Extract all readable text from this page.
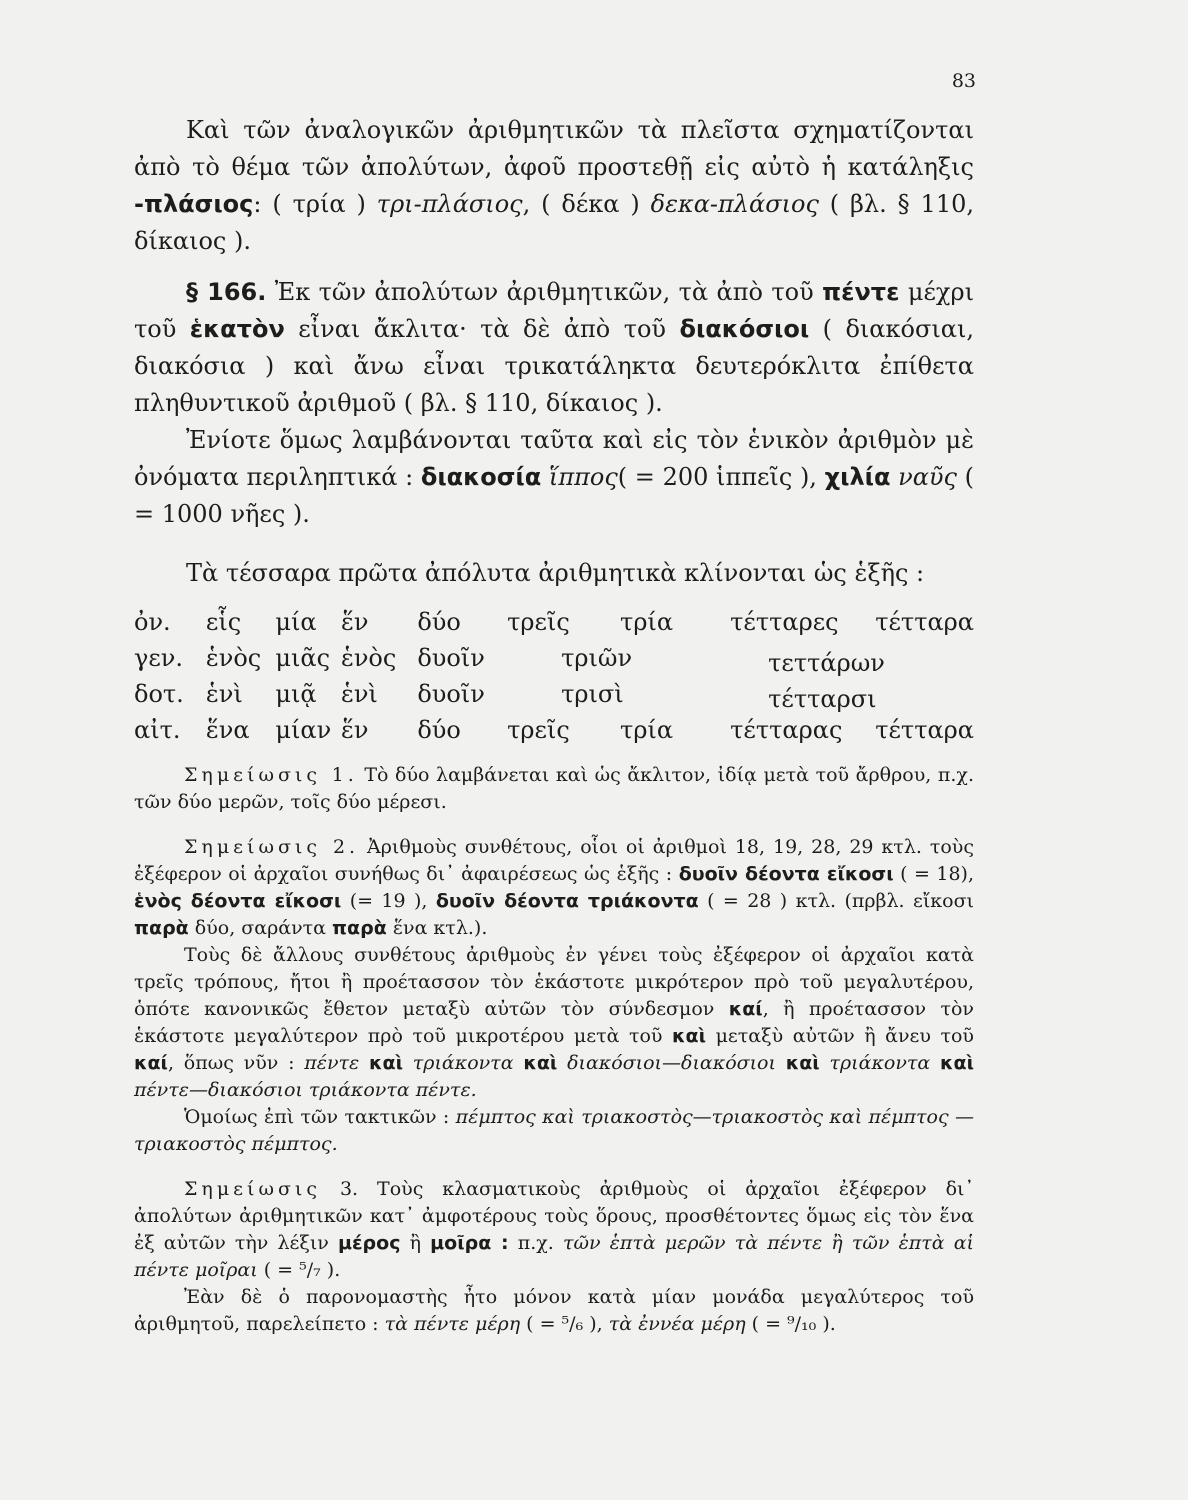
83

Καὶ τῶν ἀναλογικῶν ἀριθμητικῶν τὰ πλεῖστα σχηματίζονται ἀπὸ τὸ θέμα τῶν ἀπολύτων, ἀφοῦ προστεθῇ εἰς αὐτὸ ἡ κατάληξις -πλάσιος: ( τρία ) τρι-πλάσιος, ( δέκα ) δεκα-πλάσιος ( βλ. § 110, δίκαιος ).

§ 166. Ἐκ τῶν ἀπολύτων ἀριθμητικῶν, τὰ ἀπὸ τοῦ πέντε μέχρι τοῦ ἑκατὸν εἶναι ἄκλιτα· τὰ δὲ ἀπὸ τοῦ διακόσιοι ( διακόσιαι, διακόσια ) καὶ ἄνω εἶναι τρικατάληκτα δευτερόκλιτα ἐπίθετα πληθυντικοῦ ἀριθμοῦ ( βλ. § 110, δίκαιος ).

Ἐνίοτε ὅμως λαμβάνονται ταῦτα καὶ εἰς τὸν ἑνικὸν ἀριθμὸν μὲ ὀνόματα περιληπτικά : διακοσία ἵππος( = 200 ἱππεῖς ), χιλία ναῦς ( = 1000 νῆες ).

Τὰ τέσσαρα πρῶτα ἀπόλυτα ἀριθμητικὰ κλίνονται ὡς ἑξῆς :

ὀν.	εἷς	μία	ἕν	δύο	τρεῖς	τρία	τέτταρες	τέτταρα
γεν.	ἑνὸς	μιᾶς	ἑνὸς	δυοῖν	τριῶν		τεττάρων	
δοτ.	ἑνὶ	μιᾷ	ἑνὶ	δυοῖν	τρισὶ		τέτταρσι	
αἰτ.	ἕνα	μίαν	ἕν	δύο	τρεῖς	τρία	τέτταρας	τέτταρα

Σημείωσις 1. Τὸ δύο λαμβάνεται καὶ ὡς ἄκλιτον, ἰδίᾳ μετὰ τοῦ ἄρθρου, π.χ. τῶν δύο μερῶν, τοῖς δύο μέρεσι.

Σημείωσις 2. Ἀριθμοὺς συνθέτους, οἷοι οἱ ἀριθμοὶ 18, 19, 28, 29 κτλ. τοὺς ἐξέφερον οἱ ἀρχαῖοι συνήθως δι᾽ ἀφαιρέσεως ὡς ἑξῆς : δυοῖν δέοντα εἴκοσι ( = 18), ἑνὸς δέοντα εἴκοσι (= 19 ), δυοῖν δέοντα τριάκοντα ( = 28 ) κτλ. (πρβλ. εἴκοσι παρὰ δύο, σαράντα παρὰ ἕνα κτλ.).

Τοὺς δὲ ἄλλους συνθέτους ἀριθμοὺς ἐν γένει τοὺς ἐξέφερον οἱ ἀρχαῖοι κατὰ τρεῖς τρόπους, ἤτοι ἢ προέτασσον τὸν ἑκάστοτε μικρότερον πρὸ τοῦ μεγαλυτέρου, ὁπότε κανονικῶς ἔθετον μεταξὺ αὐτῶν τὸν σύνδεσμον καί, ἢ προέτασσον τὸν ἑκάστοτε μεγαλύτερον πρὸ τοῦ μικροτέρου μετὰ τοῦ καὶ μεταξὺ αὐτῶν ἢ ἄνευ τοῦ καί, ὅπως νῦν : πέντε καὶ τριάκοντα καὶ διακόσιοι—διακόσιοι καὶ τριάκοντα καὶ πέντε—διακόσιοι τριάκοντα πέντε.

Ὁμοίως ἐπὶ τῶν τακτικῶν : πέμπτος καὶ τριακοστὸς—τριακοστὸς καὶ πέμπτος —τριακοστὸς πέμπτος.

Σημείωσις 3. Τοὺς κλασματικοὺς ἀριθμοὺς οἱ ἀρχαῖοι ἐξέφερον δι᾽ ἀπολύτων ἀριθμητικῶν κατ᾽ ἀμφοτέρους τοὺς ὅρους, προσθέτοντες ὅμως εἰς τὸν ἕνα ἐξ αὐτῶν τὴν λέξιν μέρος ἢ μοῖρα : π.χ. τῶν ἑπτὰ μερῶν τὰ πέντε ἢ τῶν ἑπτὰ αἱ πέντε μοῖραι ( = ⁵/₇ ).

Ἐὰν δὲ ὁ παρονομαστὴς ἦτο μόνον κατὰ μίαν μονάδα μεγαλύτερος τοῦ ἀριθμητοῦ, παρελείπετο : τὰ πέντε μέρη ( = ⁵/₆ ), τὰ ἐννέα μέρη ( = ⁹/₁₀ ).
